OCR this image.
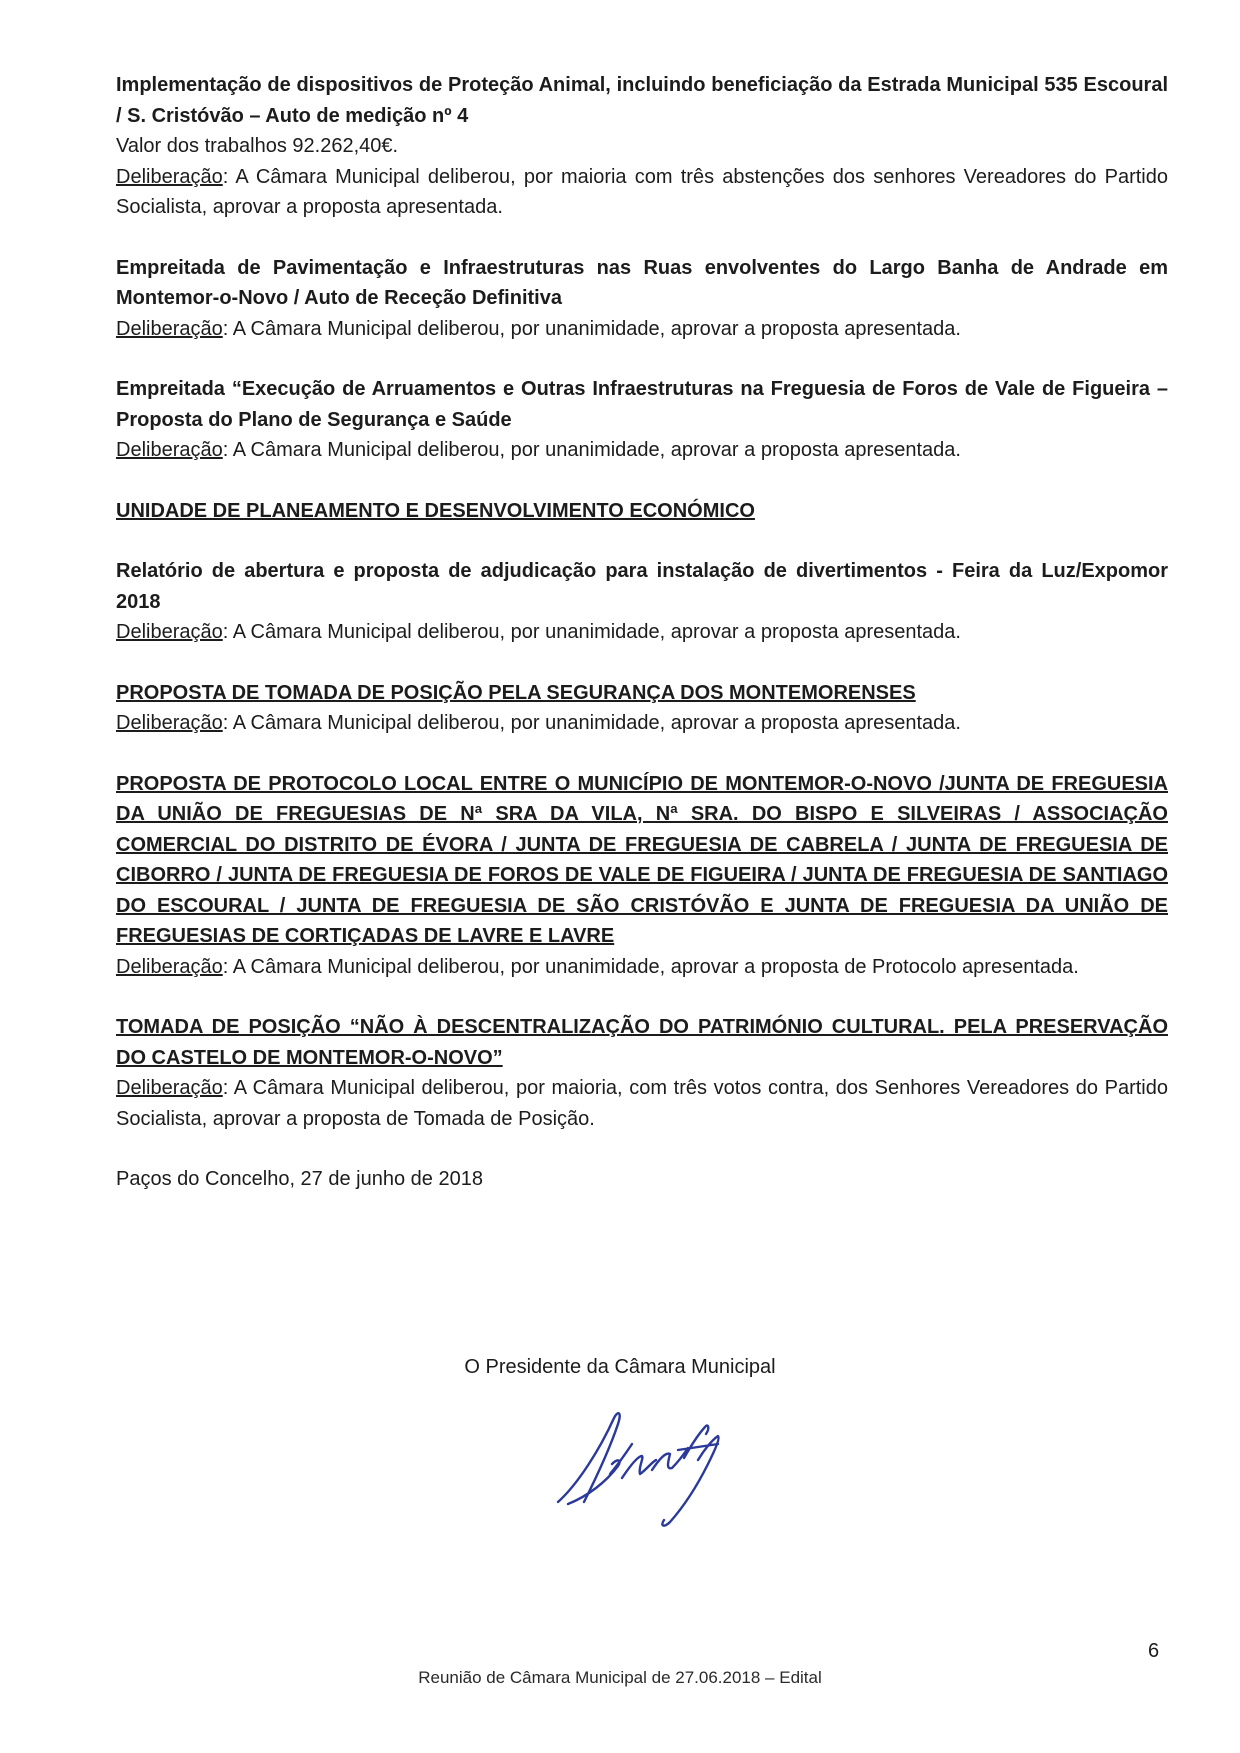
Implementação de dispositivos de Proteção Animal, incluindo beneficiação da Estrada Municipal 535 Escoural / S. Cristóvão – Auto de medição nº 4
Valor dos trabalhos 92.262,40€.
Deliberação: A Câmara Municipal deliberou, por maioria com três abstenções dos senhores Vereadores do Partido Socialista, aprovar a proposta apresentada.
Empreitada de Pavimentação e Infraestruturas nas Ruas envolventes do Largo Banha de Andrade em Montemor-o-Novo / Auto de Receção Definitiva
Deliberação: A Câmara Municipal deliberou, por unanimidade, aprovar a proposta apresentada.
Empreitada “Execução de Arruamentos e Outras Infraestruturas na Freguesia de Foros de Vale de Figueira – Proposta do Plano de Segurança e Saúde
Deliberação: A Câmara Municipal deliberou, por unanimidade, aprovar a proposta apresentada.
UNIDADE DE PLANEAMENTO E DESENVOLVIMENTO ECONÓMICO
Relatório de abertura e proposta de adjudicação para instalação de divertimentos - Feira da Luz/Expomor 2018
Deliberação: A Câmara Municipal deliberou, por unanimidade, aprovar a proposta apresentada.
PROPOSTA DE TOMADA DE POSIÇÃO PELA SEGURANÇA DOS MONTEMORENSES
Deliberação: A Câmara Municipal deliberou, por unanimidade, aprovar a proposta apresentada.
PROPOSTA DE PROTOCOLO LOCAL ENTRE O MUNICÍPIO DE MONTEMOR-O-NOVO /JUNTA DE FREGUESIA DA UNIÃO DE FREGUESIAS DE Nª SRA DA VILA, Nª SRA. DO BISPO E SILVEIRAS / ASSOCIAÇÃO COMERCIAL DO DISTRITO DE ÉVORA / JUNTA DE FREGUESIA DE CABRELA / JUNTA DE FREGUESIA DE CIBORRO / JUNTA DE FREGUESIA DE FOROS DE VALE DE FIGUEIRA / JUNTA DE FREGUESIA DE SANTIAGO DO ESCOURAL / JUNTA DE FREGUESIA DE SÃO CRISTÓVÃO E JUNTA DE FREGUESIA DA UNIÃO DE FREGUESIAS DE CORTIÇADAS DE LAVRE E LAVRE
Deliberação: A Câmara Municipal deliberou, por unanimidade, aprovar a proposta de Protocolo apresentada.
TOMADA DE POSIÇÃO “NÃO À DESCENTRALIZAÇÃO DO PATRIMÓNIO CULTURAL. PELA PRESERVAÇÃO DO CASTELO DE MONTEMOR-O-NOVO”
Deliberação: A Câmara Municipal deliberou, por maioria, com três votos contra, dos Senhores Vereadores do Partido Socialista, aprovar a proposta de Tomada de Posição.
Paços do Concelho, 27 de junho de 2018
O Presidente da Câmara Municipal
6
Reunião de Câmara Municipal de 27.06.2018 – Edital
